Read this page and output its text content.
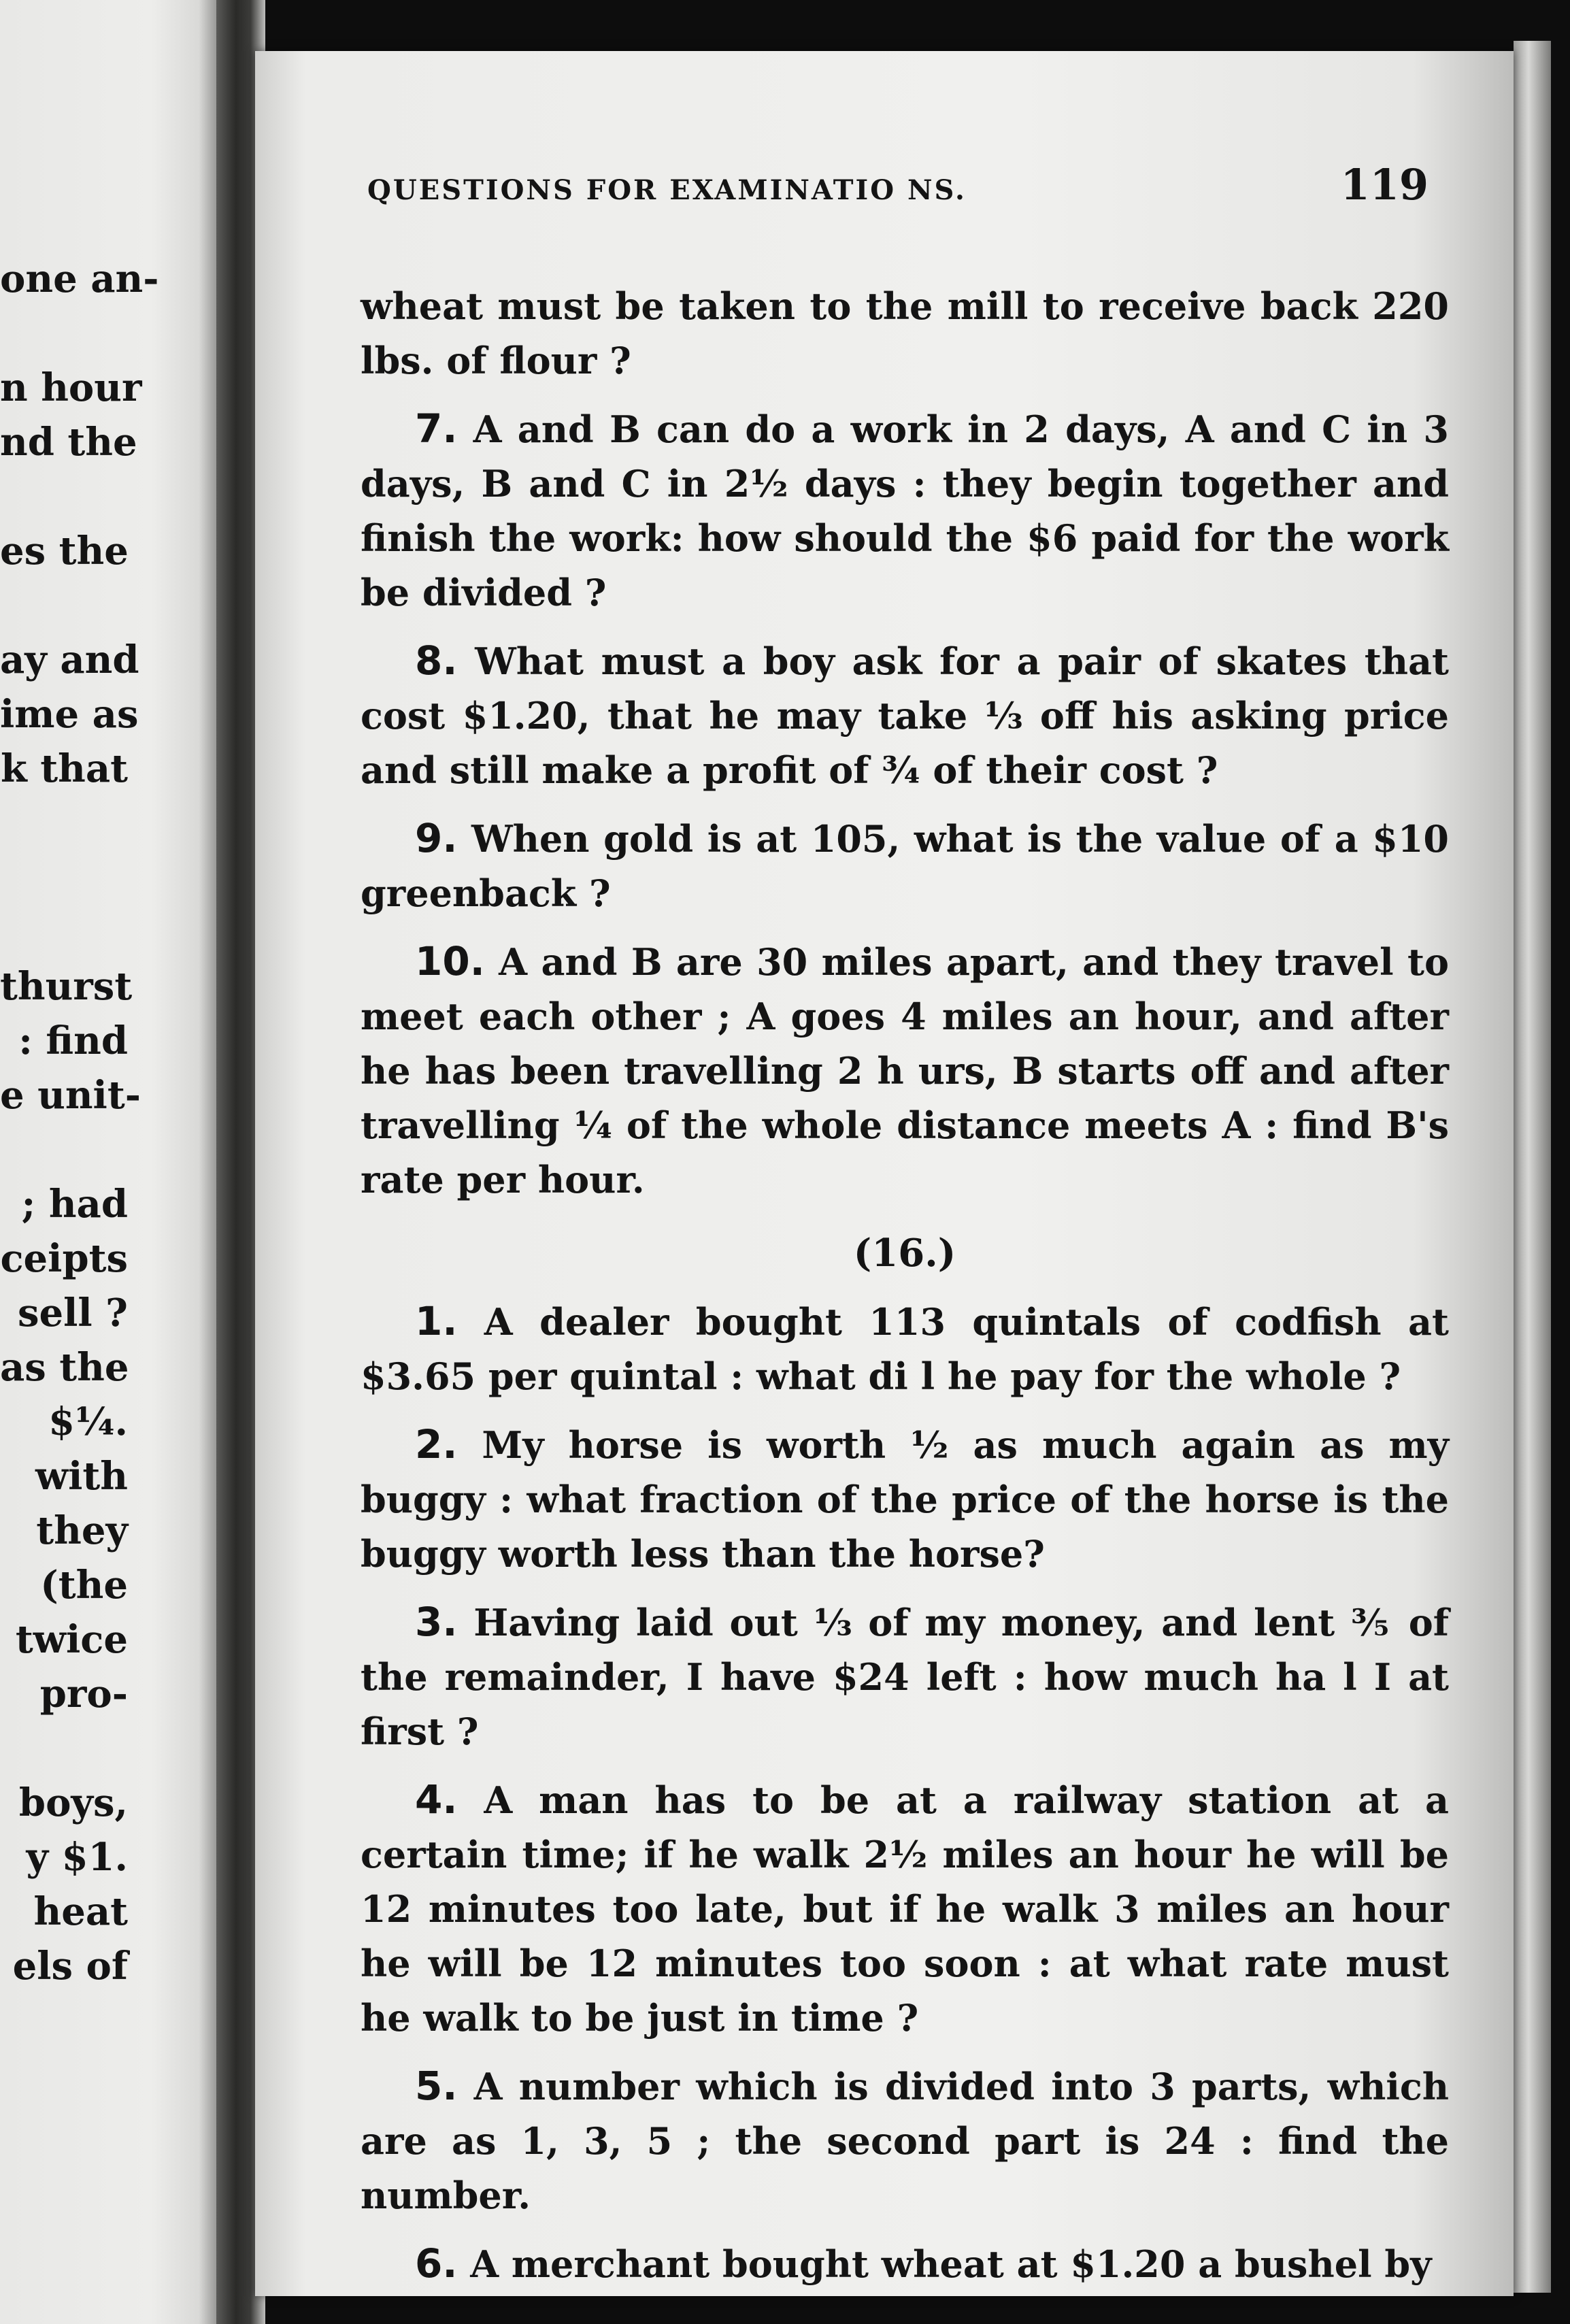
one an-

n hour
nd the

es the

ay and
ime as
k that

thurst
: find
e unit-

; had
ceipts
sell ?
as the
$¼.
with
they
(the
twice
pro-

boys,
y $1.
heat
els of
QUESTIONS FOR EXAMINATIO NS.	119

wheat must be taken to the mill to receive back 220 lbs. of flour ?

7. A and B can do a work in 2 days, A and C in 3 days, B and C in 2½ days : they begin together and finish the work: how should the $6 paid for the work be divided ?

8. What must a boy ask for a pair of skates that cost $1.20, that he may take ⅓ off his asking price and still make a profit of ¾ of their cost ?

9. When gold is at 105, what is the value of a $10 greenback ?

10. A and B are 30 miles apart, and they travel to meet each other ; A goes 4 miles an hour, and after he has been travelling 2 h urs, B starts off and after travelling ¼ of the whole distance meets A : find B's rate per hour.

(16.)

1. A dealer bought 113 quintals of codfish at $3.65 per quintal : what di l he pay for the whole ?

2. My horse is worth ½ as much again as my buggy : what fraction of the price of the horse is the buggy worth less than the horse?

3. Having laid out ⅓ of my money, and lent ⅗ of the remainder, I have $24 left : how much ha l I at first ?

4. A man has to be at a railway station at a certain time; if he walk 2½ miles an hour he will be 12 minutes too late, but if he walk 3 miles an hour he will be 12 minutes too soon : at what rate must he walk to be just in time ?

5. A number which is divided into 3 parts, which are as 1, 3, 5 ; the second part is 24 : find the number.

6. A merchant bought wheat at $1.20 a bushel by
